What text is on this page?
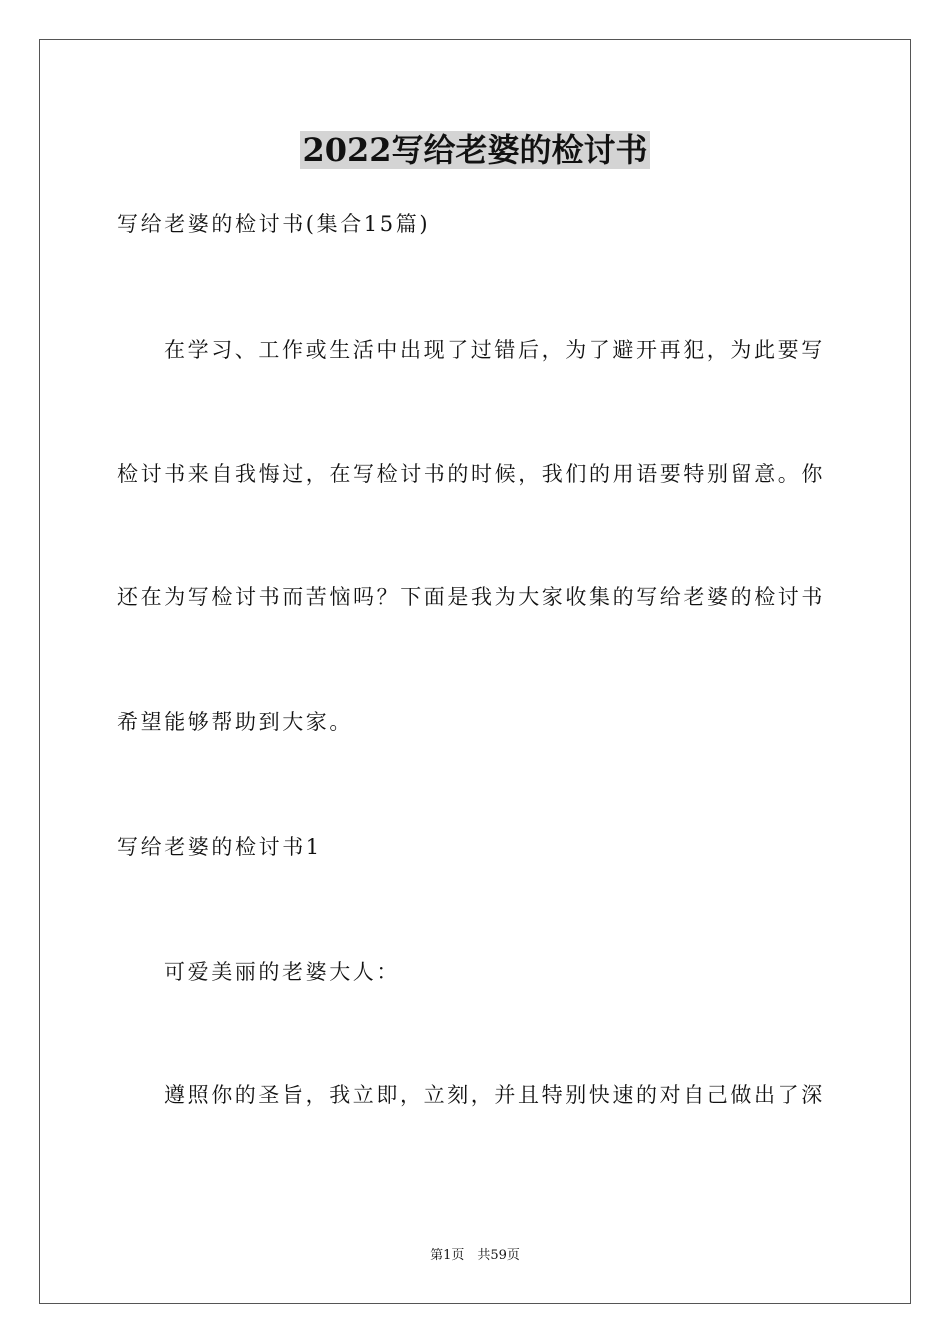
2022写给老婆的检讨书
写给老婆的检讨书(集合15篇)
在学习、工作或生活中出现了过错后，为了避开再犯，为此要写
检讨书来自我悔过，在写检讨书的时候，我们的用语要特别留意。你
还在为写检讨书而苦恼吗？下面是我为大家收集的写给老婆的检讨书
希望能够帮助到大家。
写给老婆的检讨书1
可爱美丽的老婆大人：
遵照你的圣旨，我立即，立刻，并且特别快速的对自己做出了深
第1页　共59页
